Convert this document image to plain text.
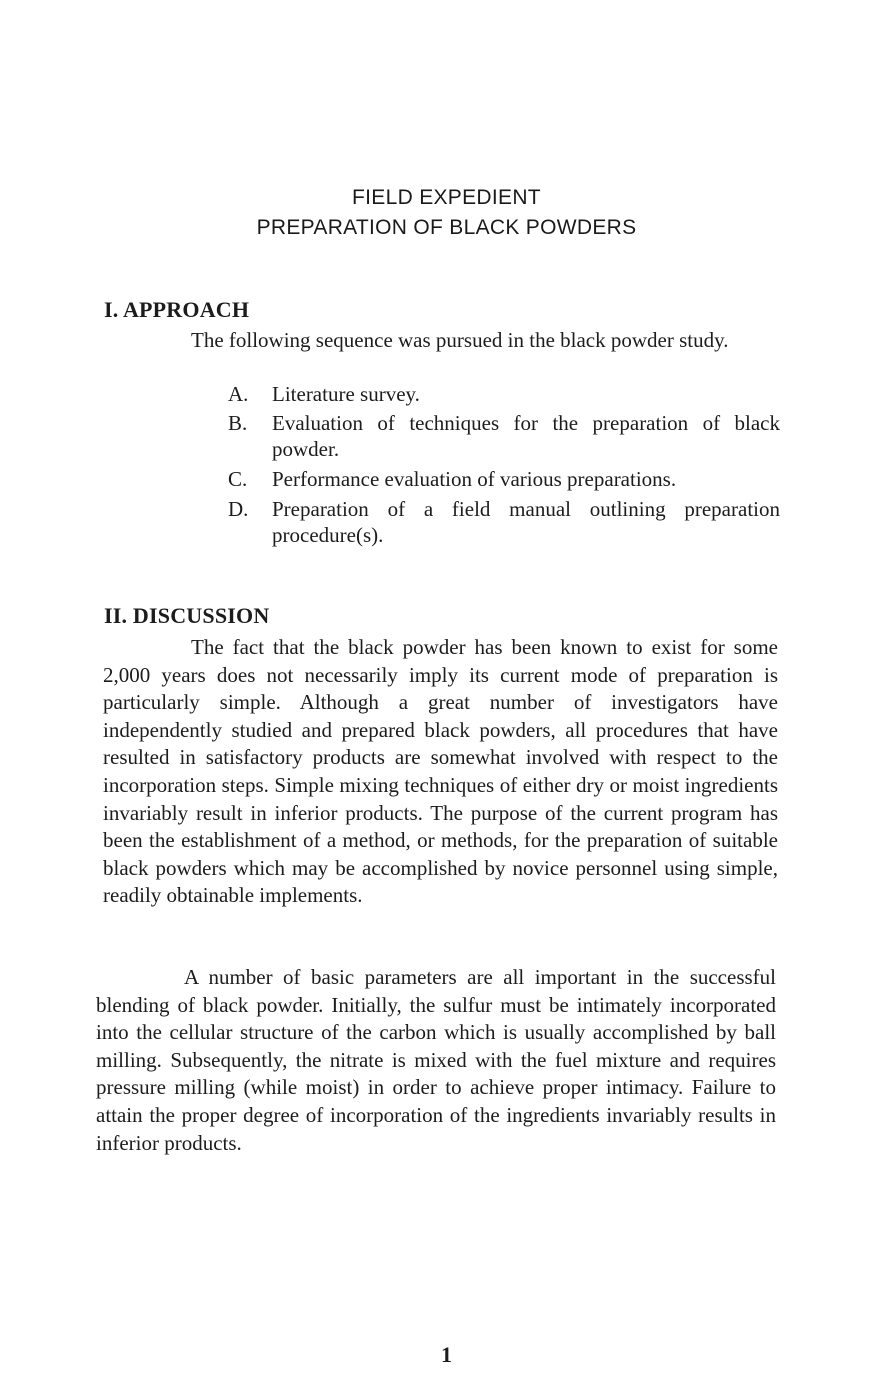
FIELD EXPEDIENT
PREPARATION OF BLACK POWDERS
I. APPROACH

The following sequence was pursued in the black powder study.

A. Literature survey.
B. Evaluation of techniques for the preparation of black powder.
C. Performance evaluation of various preparations.
D. Preparation of a field manual outlining preparation procedure(s).
II. DISCUSSION

The fact that the black powder has been known to exist for some 2,000 years does not necessarily imply its current mode of preparation is particularly simple. Although a great number of investigators have independently studied and prepared black powders, all procedures that have resulted in satisfactory products are somewhat involved with respect to the incorporation steps. Simple mixing techniques of either dry or moist ingredients invariably result in inferior products. The purpose of the current program has been the establishment of a method, or methods, for the preparation of suitable black powders which may be accomplished by novice personnel using simple, readily obtainable implements.

A number of basic parameters are all important in the successful blending of black powder. Initially, the sulfur must be intimately incorporated into the cellular structure of the carbon which is usually accomplished by ball milling. Subsequently, the nitrate is mixed with the fuel mixture and requires pressure milling (while moist) in order to achieve proper intimacy. Failure to attain the proper degree of incorporation of the ingredients invariably results in inferior products.

1
